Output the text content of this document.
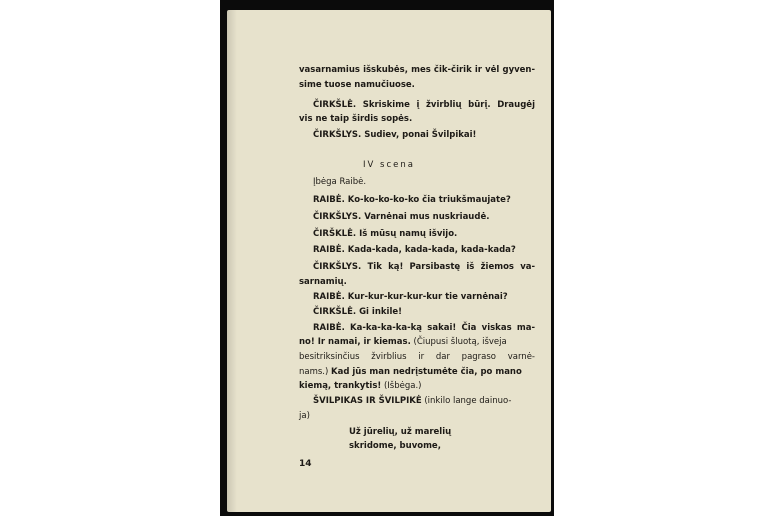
vasarnamius išskubės, mes čik-čirik ir vėl gyven-

sime tuose namučiuose.

ČIRKŠLĖ. Skriskime į žvirblių būrį. Draugėj

vis ne taip širdis sopės.

ČIRKŠLYS. Sudiev, ponai Švilpikai!

IV scena

Įbėga Raibė.

RAIBĖ. Ko-ko-ko-ko-ko čia triukšmaujate?

ČIRKŠLYS. Varnėnai mus nuskriaudė.

ČIRŠKLĖ. Iš mūsų namų išvijo.

RAIBĖ. Kada-kada, kada-kada, kada-kada?

ČIRKŠLYS. Tik ką! Parsibastę iš žiemos va-

sarnamių.

RAIBĖ. Kur-kur-kur-kur-kur tie varnėnai?

ČIRKŠLĖ. Gi inkile!

RAIBĖ. Ka-ka-ka-ka-ką sakai! Čia viskas ma-

no! Ir namai, ir kiemas. (Čiupusi šluotą, išveja

besitriksinčius žvirblius ir dar pagraso varnė-

nams.) Kad jūs man nedrįstumėte čia, po mano

kiemą, trankytis! (Išbėga.)

ŠVILPIKAS IR ŠVILPIKĖ (inkilo lange dainuo-

ja)

Už jūrelių, už marelių

skridome, buvome,

14
